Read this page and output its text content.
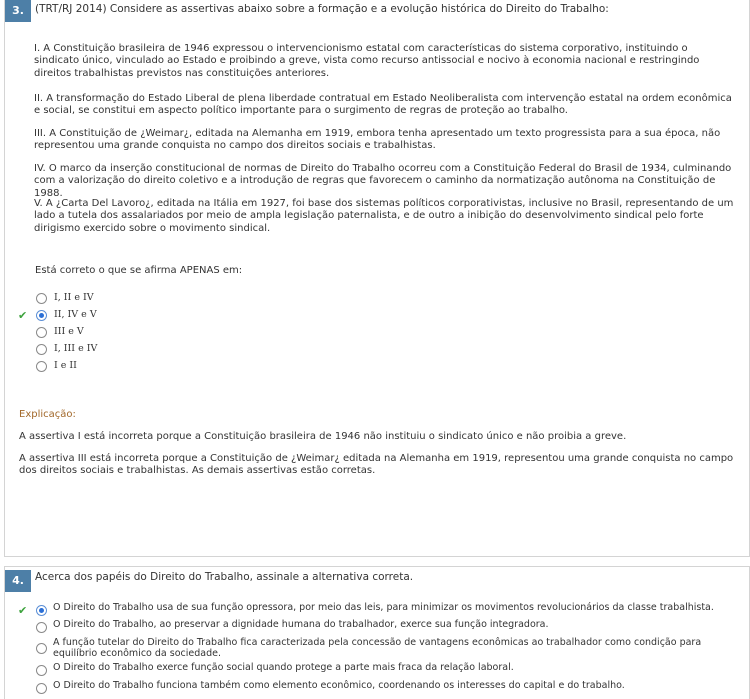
3.	(TRT/RJ 2014) Considere as assertivas abaixo sobre a formação e a evolução histórica do Direito do Trabalho:
I. A Constituição brasileira de 1946 expressou o intervencionismo estatal com características do sistema corporativo, instituindo o sindicato único, vinculado ao Estado e proibindo a greve, vista como recurso antissocial e nocivo à economia nacional e restringindo direitos trabalhistas previstos nas constituições anteriores.
II. A transformação do Estado Liberal de plena liberdade contratual em Estado Neoliberalista com intervenção estatal na ordem econômica e social, se constitui em aspecto político importante para o surgimento de regras de proteção ao trabalho.
III. A Constituição de ¿Weimar¿, editada na Alemanha em 1919, embora tenha apresentado um texto progressista para a sua época, não representou uma grande conquista no campo dos direitos sociais e trabalhistas.
IV. O marco da inserção constitucional de normas de Direito do Trabalho ocorreu com a Constituição Federal do Brasil de 1934, culminando com a valorização do direito coletivo e a introdução de regras que favorecem o caminho da normatização autônoma na Constituição de 1988.
V. A ¿Carta Del Lavoro¿, editada na Itália em 1927, foi base dos sistemas políticos corporativistas, inclusive no Brasil, representando de um lado a tutela dos assalariados por meio de ampla legislação paternalista, e de outro a inibição do desenvolvimento sindical pelo forte dirigismo exercido sobre o movimento sindical.
Está correto o que se afirma APENAS em:
I, II e IV
✔	II, IV e V
III e V
I, III e IV
I e II
Explicação:
A assertiva I está incorreta porque a Constituição brasileira de 1946 não instituiu o sindicato único e não proibia a greve.
A assertiva III está incorreta porque a Constituição de ¿Weimar¿ editada na Alemanha em 1919, representou uma grande conquista no campo dos direitos sociais e trabalhistas. As demais assertivas estão corretas.
4.	Acerca dos papéis do Direito do Trabalho, assinale a alternativa correta.
✔	O Direito do Trabalho usa de sua função opressora, por meio das leis, para minimizar os movimentos revolucionários da classe trabalhista.
O Direito do Trabalho, ao preservar a dignidade humana do trabalhador, exerce sua função integradora.
A função tutelar do Direito do Trabalho fica caracterizada pela concessão de vantagens econômicas ao trabalhador como condição para equilíbrio econômico da sociedade.
O Direito do Trabalho exerce função social quando protege a parte mais fraca da relação laboral.
O Direito do Trabalho funciona também como elemento econômico, coordenando os interesses do capital e do trabalho.
